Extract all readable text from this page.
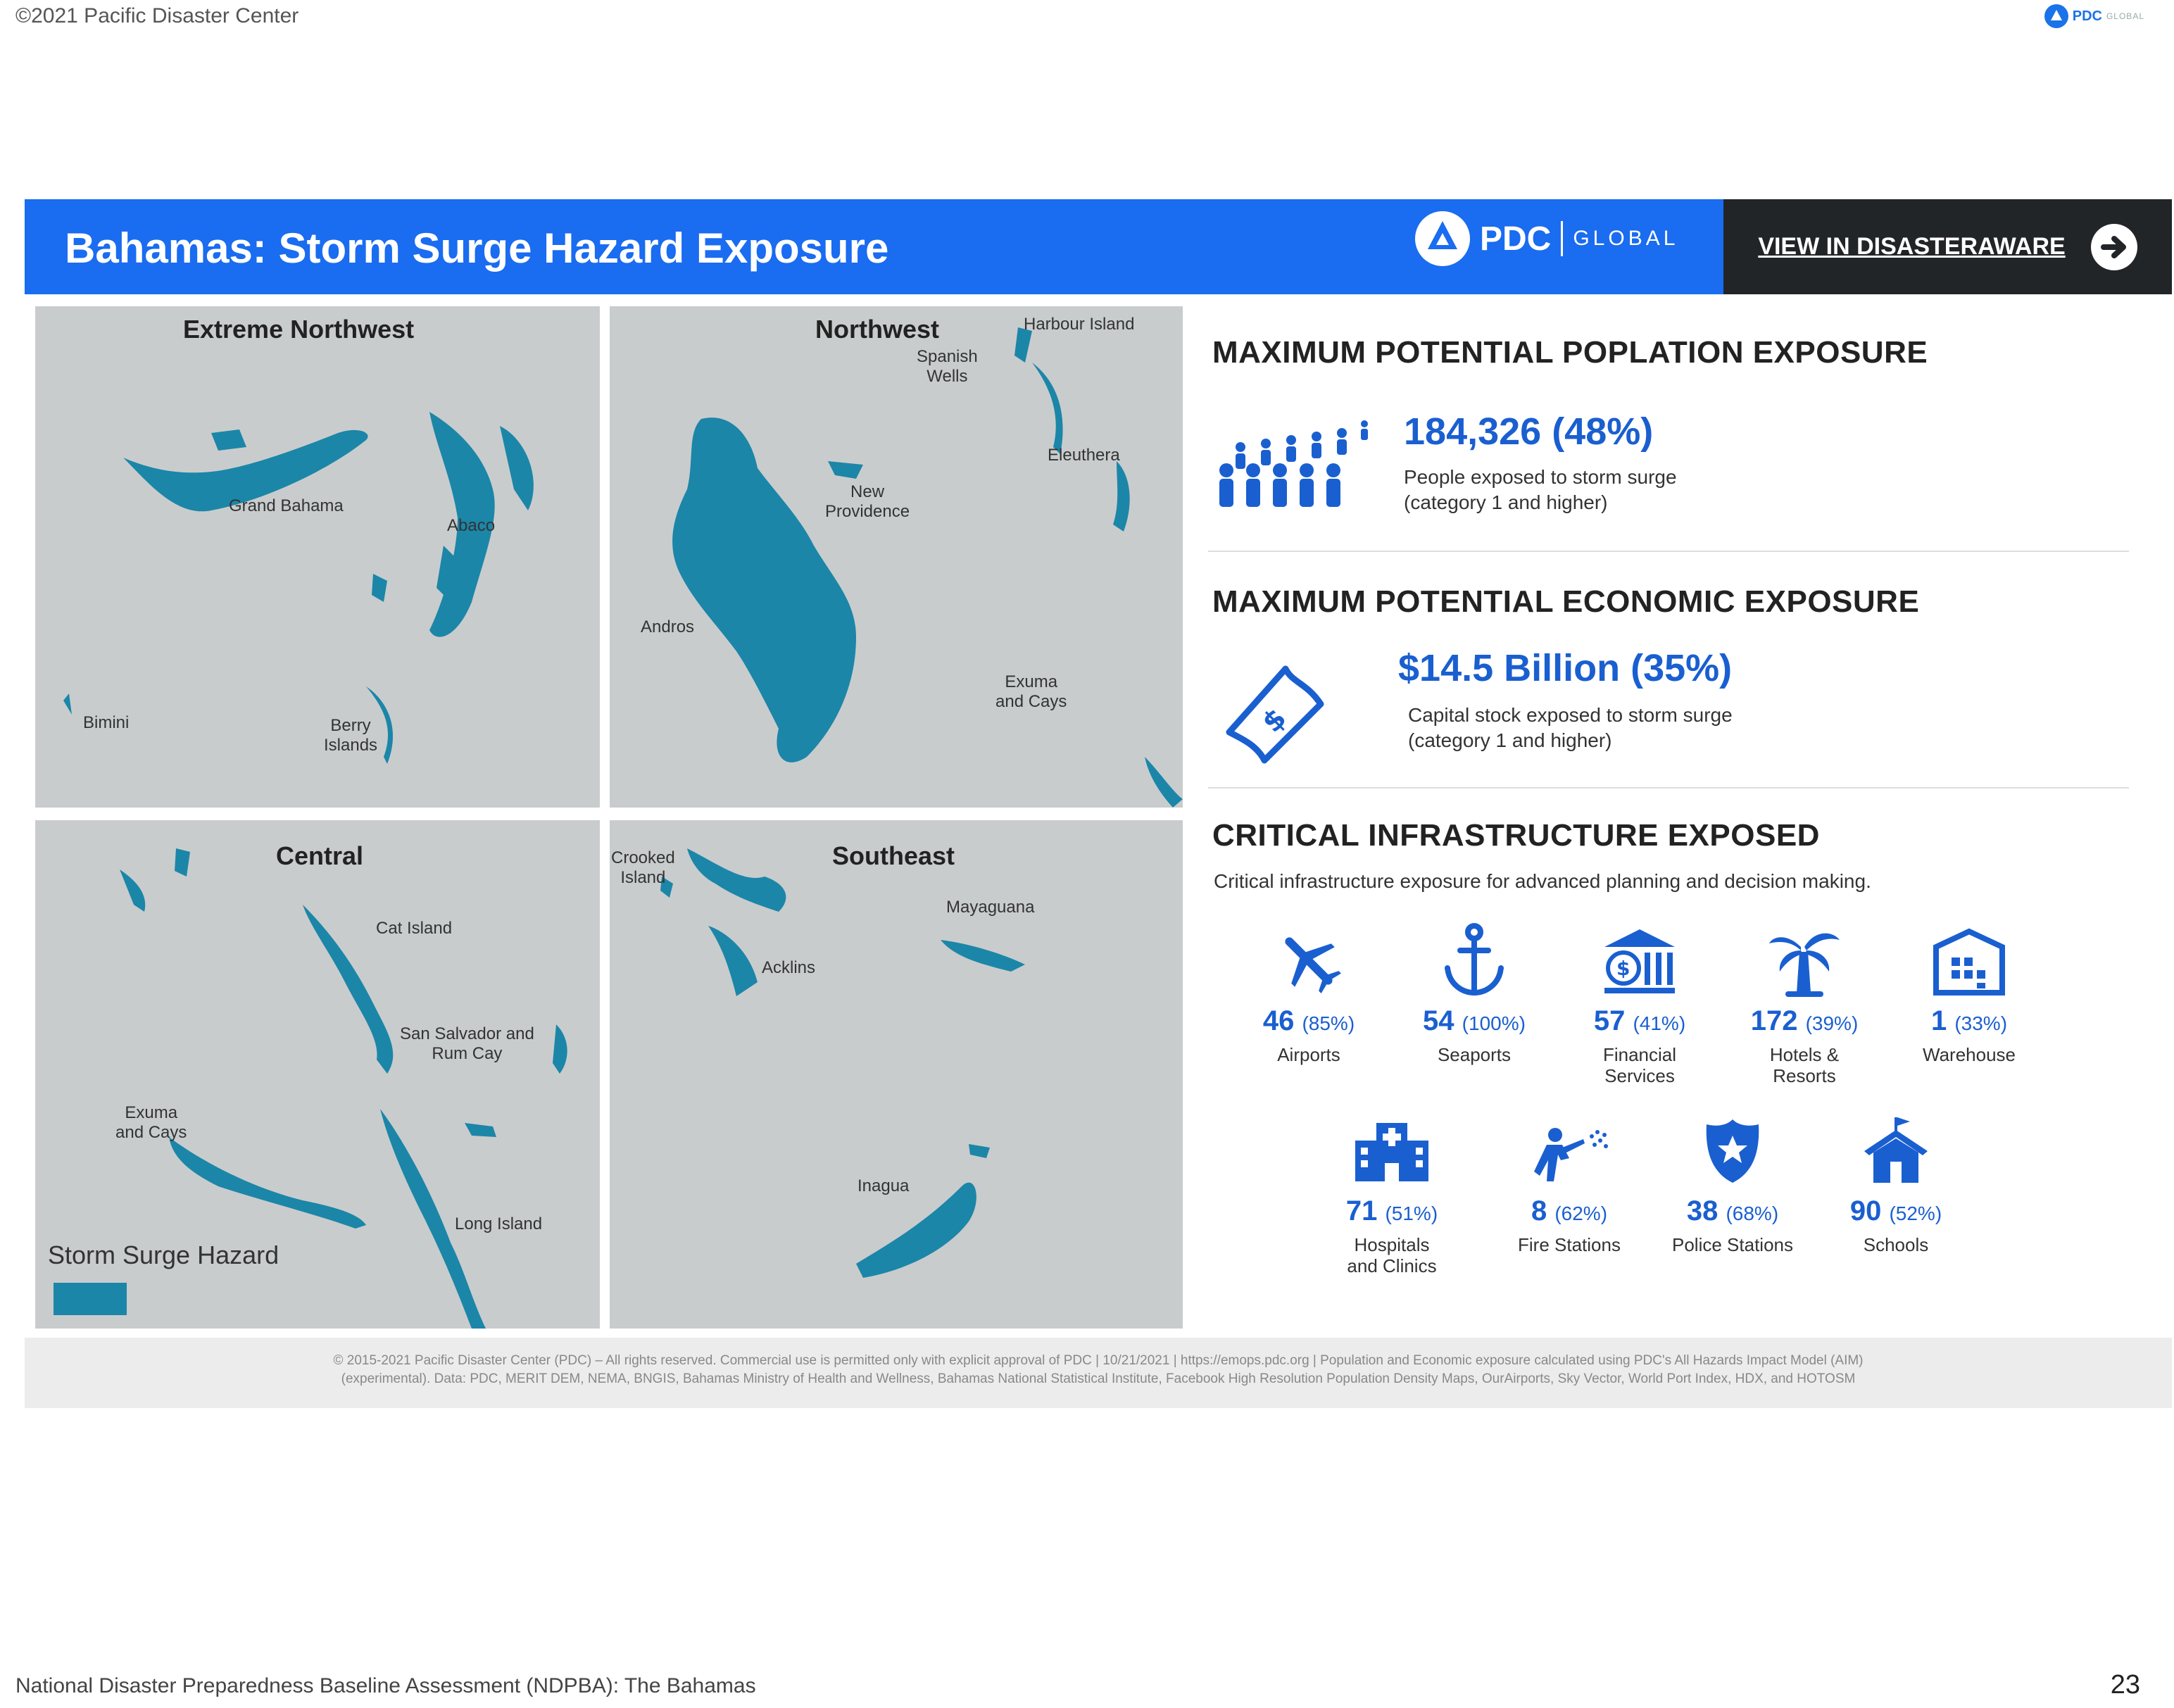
©2021 Pacific Disaster Center	PDC GLOBAL
Bahamas: Storm Surge Hazard Exposure	PDC GLOBAL	VIEW IN DISASTERAWARE
Extreme Northwest
Grand Bahama
Abaco
Bimini	Berry
Islands
Northwest	Harbour Island
Spanish
Wells
Eleuthera
New
Providence
Andros
Exuma
and Cays
Central
Cat Island
San Salvador and
Rum Cay
Exuma
and Cays
Long Island
Southeast
Crooked
Island
Acklins
Mayaguana
Inagua
Storm Surge Hazard
MAXIMUM POTENTIAL POPLATION EXPOSURE
184,326 (48%)
People exposed to storm surge
(category 1 and higher)
MAXIMUM POTENTIAL ECONOMIC EXPOSURE
$
$14.5 Billion (35%)
Capital stock exposed to storm surge
(category 1 and higher)
CRITICAL INFRASTRUCTURE EXPOSED
Critical infrastructure exposure for advanced planning and decision making.
46 (85%)
Airports
54 (100%)
Seaports
$
57 (41%)
Financial
Services
172 (39%)
Hotels &
Resorts
1 (33%)
Warehouse
71 (51%)
Hospitals
and Clinics
8 (62%)
Fire Stations
38 (68%)
Police Stations
90 (52%)
Schools
© 2015-2021 Pacific Disaster Center (PDC) – All rights reserved. Commercial use is permitted only with explicit approval of PDC | 10/21/2021 | https://emops.pdc.org | Population and Economic exposure calculated using PDC's All Hazards Impact Model (AIM)
(experimental). Data: PDC, MERIT DEM, NEMA, BNGIS, Bahamas Ministry of Health and Wellness, Bahamas National Statistical Institute, Facebook High Resolution Population Density Maps, OurAirports, Sky Vector, World Port Index, HDX, and HOTOSM
National Disaster Preparedness Baseline Assessment (NDPBA): The Bahamas	23
